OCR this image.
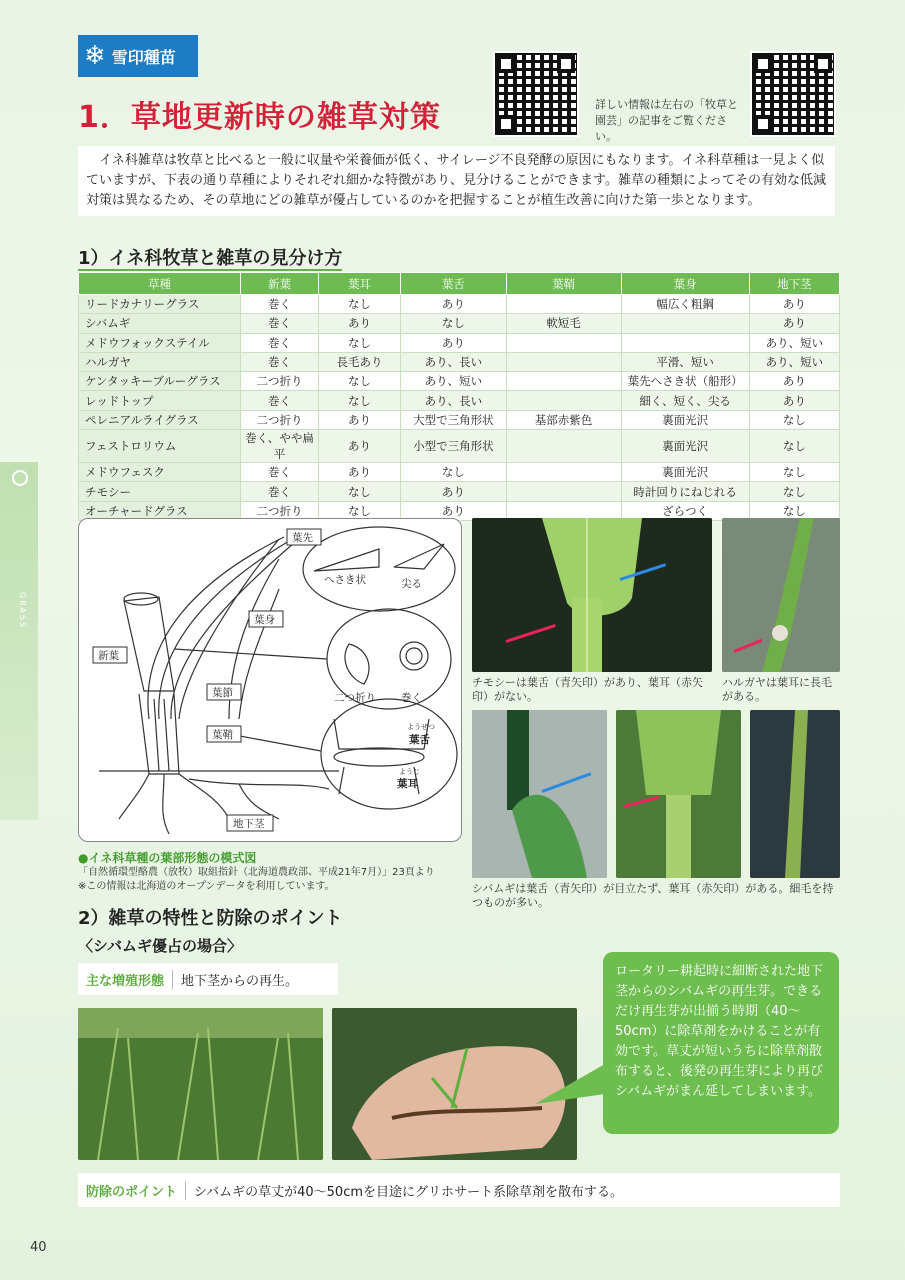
GRASS
❄ 雪印種苗
1．草地更新時の雑草対策	詳しい情報は左右の「牧草と園芸」の記事をご覧ください。
　イネ科雑草は牧草と比べると一般に収量や栄養価が低く、サイレージ不良発酵の原因にもなります。イネ科草種は一見よく似ていますが、下表の通り草種によりそれぞれ細かな特徴があり、見分けることができます。雑草の種類によってその有効な低減対策は異なるため、その草地にどの雑草が優占しているのかを把握することが植生改善に向けた第一歩となります。
1）イネ科牧草と雑草の見分け方
草種	新葉	葉耳	葉舌	葉鞘	葉身	地下茎
リードカナリーグラス	巻く	なし	あり		幅広く粗鋼	あり
シバムギ	巻く	あり	なし	軟短毛		あり
メドウフォックステイル	巻く	なし	あり			あり、短い
ハルガヤ	巻く	長毛あり	あり、長い		平滑、短い	あり、短い
ケンタッキーブルーグラス	二つ折り	なし	あり、短い		葉先へさき状（船形）	あり
レッドトップ	巻く	なし	あり、長い		細く、短く、尖る	あり
ペレニアルライグラス	二つ折り	あり	大型で三角形状	基部赤紫色	裏面光沢	なし
フェストロリウム	巻く、やや扁平	あり	小型で三角形状		裏面光沢	なし
メドウフェスク	巻く	あり	なし		裏面光沢	なし
チモシー	巻く	なし	あり		時計回りにねじれる	なし
オーチャードグラス	二つ折り	なし	あり		ざらつく	なし
葉先
へさき状	尖る
葉身
新葉
二つ折り 巻く
葉節
葉鞘
ようぜつ
葉舌
ようじ
葉耳
地下茎
●イネ科草種の葉部形態の模式図
「自然循環型酪農（放牧）取組指針（北海道農政部、平成21年7月）」23頁より
※この情報は北海道のオープンデータを利用しています。
チモシーは葉舌（青矢印）があり、葉耳（赤矢印）がない。
ハルガヤは葉耳に長毛がある。
シバムギは葉舌（青矢印）が目立たず、葉耳（赤矢印）がある。細毛を持つものが多い。
2）雑草の特性と防除のポイント
〈シバムギ優占の場合〉
主な増殖形態	地下茎からの再生。
ロータリー耕起時に細断された地下茎からのシバムギの再生芽。できるだけ再生芽が出揃う時期（40～50cm）に除草剤をかけることが有効です。草丈が短いうちに除草剤散布すると、後発の再生芽により再びシバムギがまん延してしまいます。
防除のポイント	シバムギの草丈が40～50cmを目途にグリホサート系除草剤を散布する。
40
